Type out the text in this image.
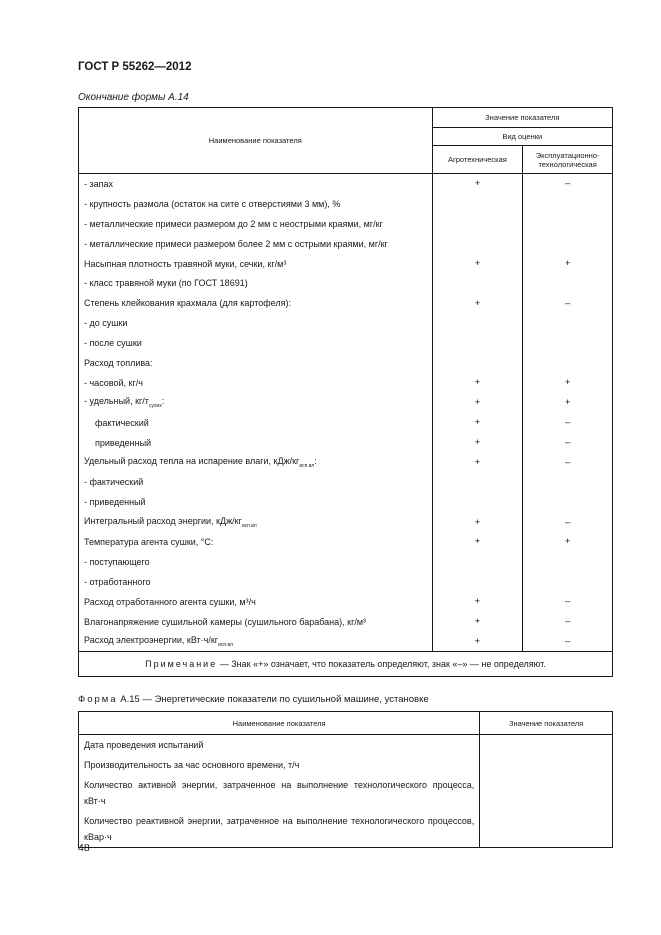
ГОСТ Р 55262—2012
Окончание формы А.14
Наименование показателя	Значение показателя	
	Вид оценки	
	Агротехническая	Эксплуатационно-
технологическая
- запах	+	–
- крупность размола (остаток на сите с отверстиями 3 мм), %		
- металлические примеси размером до 2 мм с неострыми краями, мг/кг		
- металлические примеси размером более 2 мм с острыми краями, мг/кг		
Насыпная плотность травяной муки, сечки, кг/м³	+	+
- класс травяной муки (по ГОСТ 18691)		
Степень клейкования крахмала (для картофеля):	+	–
- до сушки		
- после сушки		
Расход топлива:		
- часовой, кг/ч	+	+
- удельный, $кг/т_{сухих}$:	+	+
фактический	+	–
приведенный	+	–
Удельный расход тепла на испарение влаги, кДж/$кг_{исп.вл}$:	+	–
- фактический		
- приведенный		
Интегральный расход энергии, кДж/$кг_{исп.вл}$	+	–
Температура агента сушки, °С:	+	+
- поступающего		
- отработанного		
Расход отработанного агента сушки, м³/ч	+	–
Влагонапряжение сушильной камеры (сушильного барабана), кг/м³	+	–
Расход электроэнергии, $кВт\cdot ч/кг_{исп.вл}$	+	–
Примечание — Знак «+» означает, что показатель определяют, знак «–» — не определяют.		
Форма А.15 — Энергетические показатели по сушильной машине, установке
Наименование показателя	Значение показателя
Дата проведения испытаний	
Производительность за час основного времени, т/ч	
Количество активной энергии, затраченное на выполнение технологического процесса, кВт·ч	
Количество реактивной энергии, затраченное на выполнение технологического процессов, кВар·ч	
48
